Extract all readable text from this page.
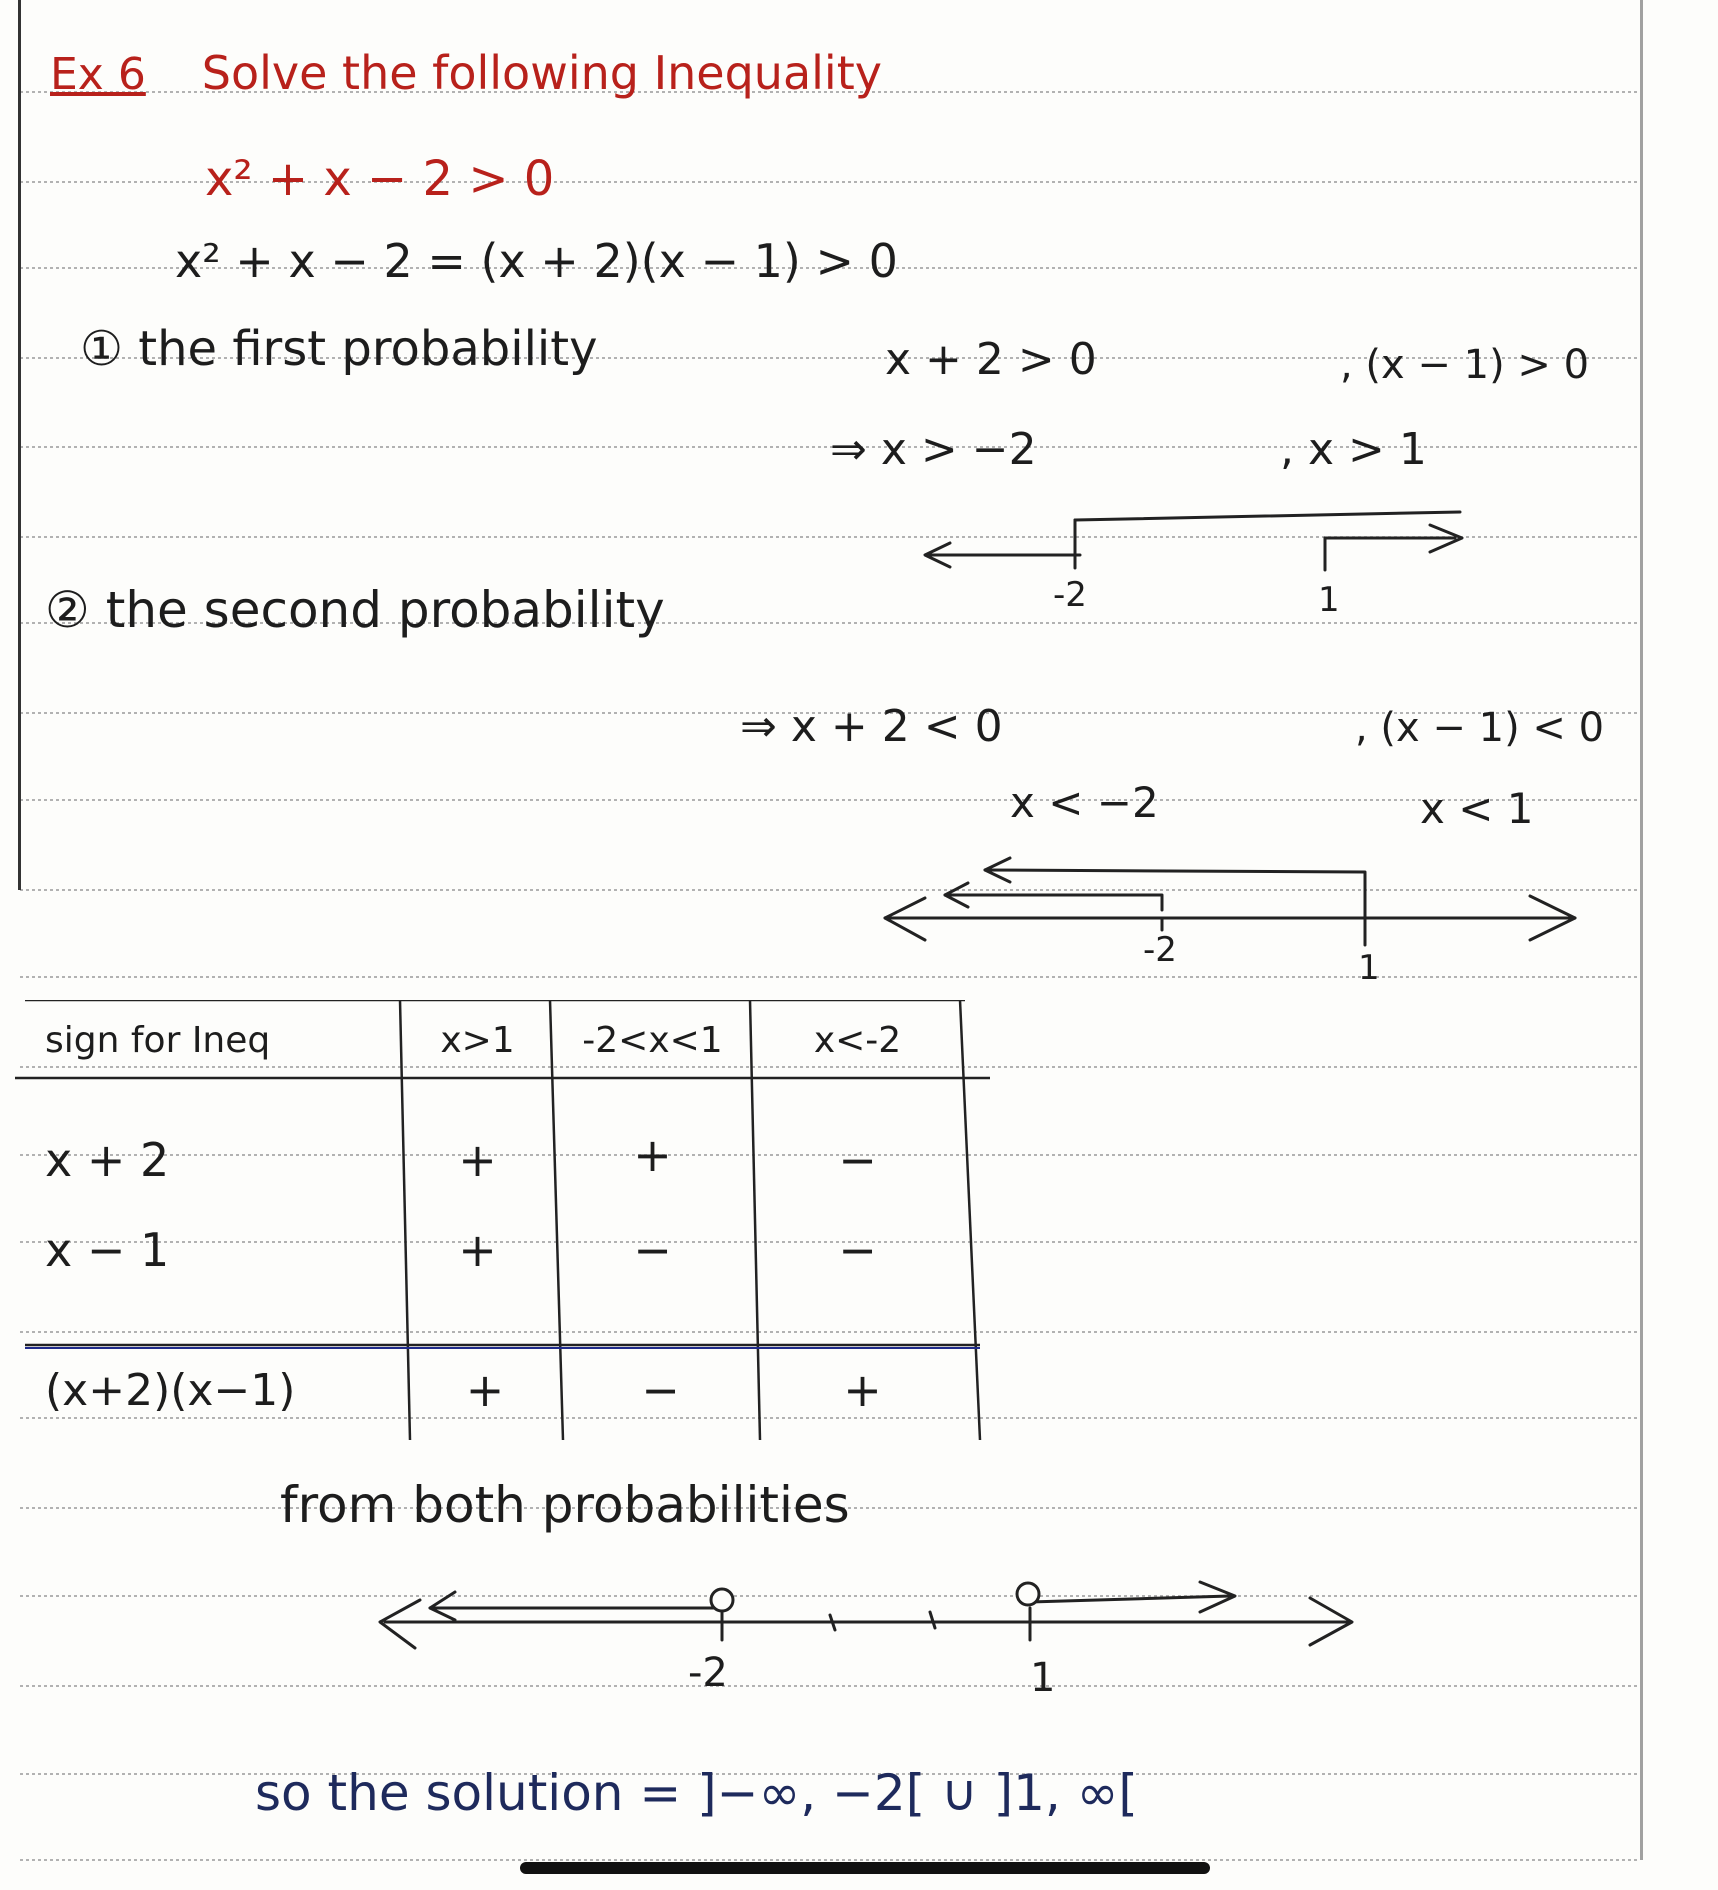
Ex 6 Solve the following Inequality
x² + x − 2 > 0
x² + x − 2 = (x + 2)(x − 1) > 0
① the first probability	x + 2 > 0	, (x − 1) > 0
⇒ x > −2	, x > 1
-2	1
② the second probability
⇒ x + 2 < 0	, (x − 1) < 0
x < −2	x < 1
-2	1
sign for Ineq	x>1	-2<x<1	x<-2
x + 2	+	+	−
x − 1	+	−	−
(x+2)(x−1)	+	−	+
from both probabilities
-2	1
so the solution = ]−∞, −2[ ∪ ]1, ∞[
